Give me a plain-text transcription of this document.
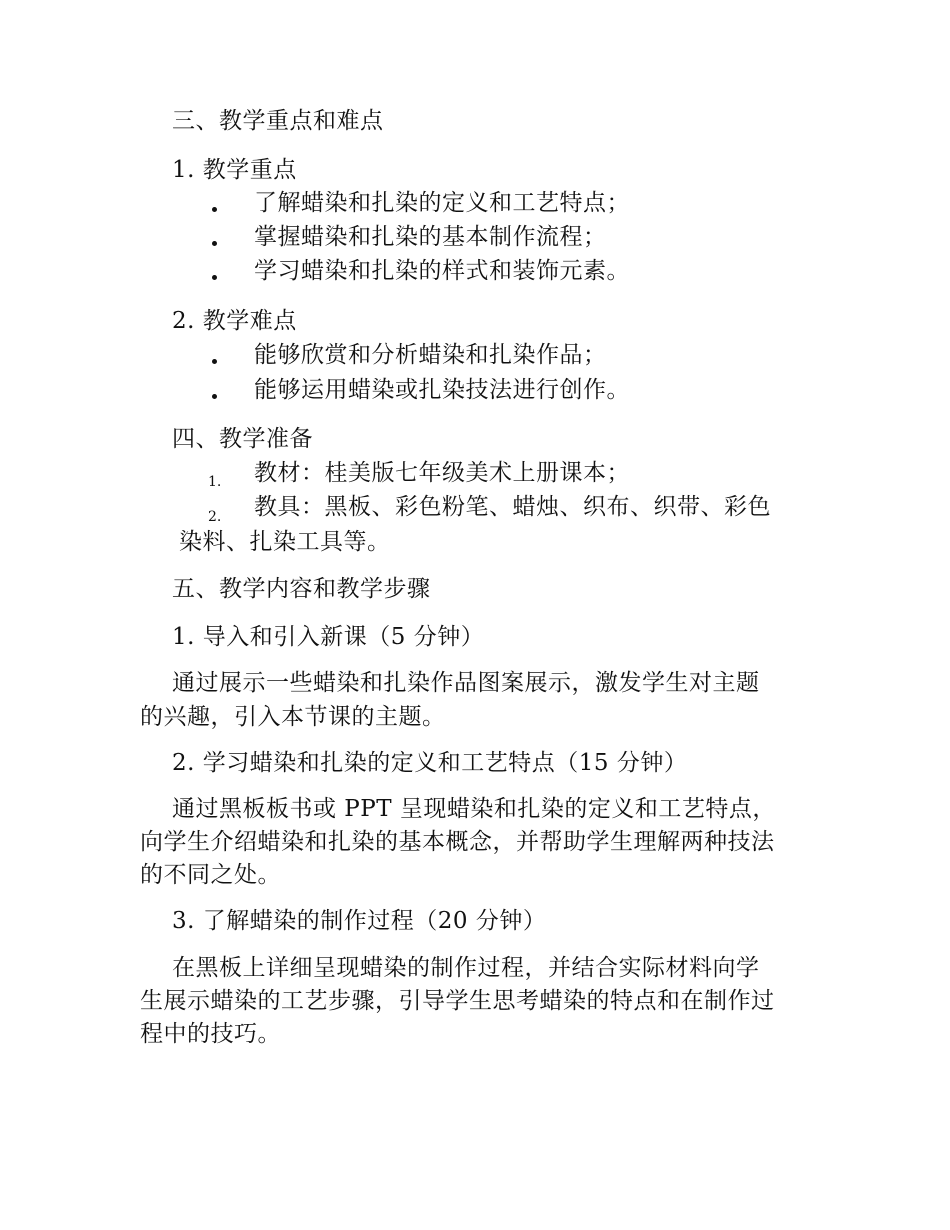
三、教学重点和难点
1. 教学重点
了解蜡染和扎染的定义和工艺特点；
掌握蜡染和扎染的基本制作流程；
学习蜡染和扎染的样式和装饰元素。
2. 教学难点
能够欣赏和分析蜡染和扎染作品；
能够运用蜡染或扎染技法进行创作。
四、教学准备
1. 教材：桂美版七年级美术上册课本；
2. 教具：黑板、彩色粉笔、蜡烛、织布、织带、彩色
染料、扎染工具等。
五、教学内容和教学步骤
1. 导入和引入新课（5 分钟）
通过展示一些蜡染和扎染作品图案展示，激发学生对主题
的兴趣，引入本节课的主题。
2. 学习蜡染和扎染的定义和工艺特点（15 分钟）
通过黑板板书或 PPT 呈现蜡染和扎染的定义和工艺特点，
向学生介绍蜡染和扎染的基本概念，并帮助学生理解两种技法
的不同之处。
3. 了解蜡染的制作过程（20 分钟）
在黑板上详细呈现蜡染的制作过程，并结合实际材料向学
生展示蜡染的工艺步骤，引导学生思考蜡染的特点和在制作过
程中的技巧。
